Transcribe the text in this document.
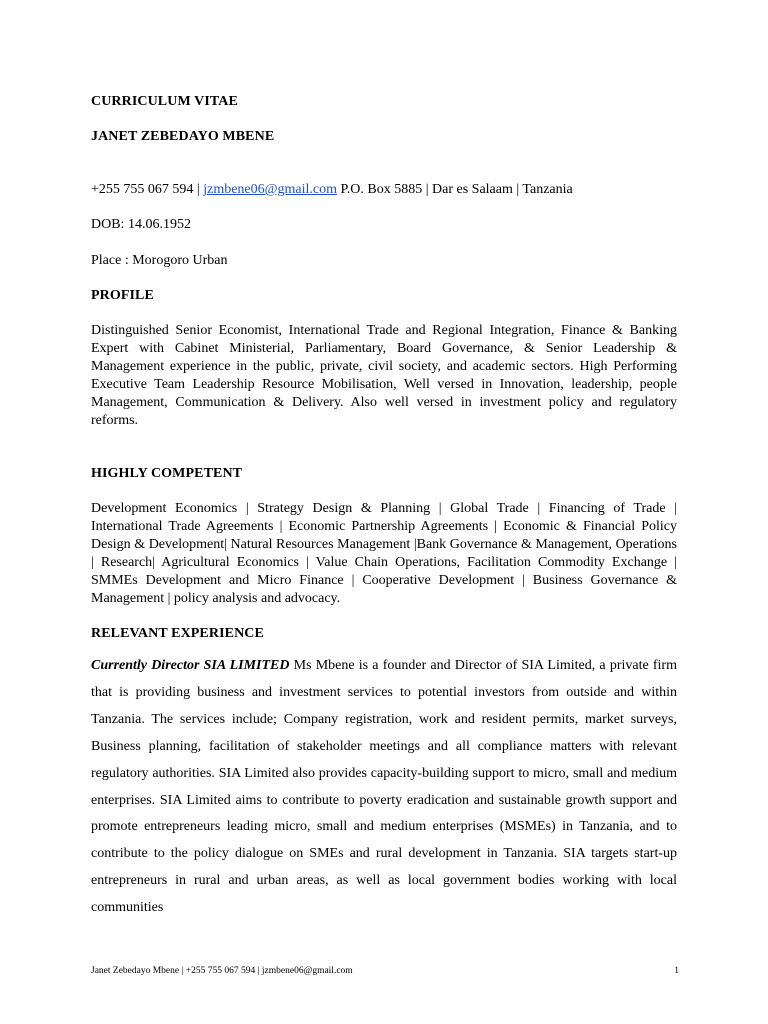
CURRICULUM VITAE

JANET ZEBEDAYO MBENE

+255 755 067 594 | jzmbene06@gmail.com P.O. Box 5885 | Dar es Salaam | Tanzania

DOB: 14.06.1952

Place : Morogoro Urban

PROFILE

Distinguished Senior Economist, International Trade and Regional Integration, Finance & Banking Expert with Cabinet Ministerial, Parliamentary, Board Governance, & Senior Leadership & Management experience in the public, private, civil society, and academic sectors. High Performing Executive Team Leadership Resource Mobilisation, Well versed in Innovation, leadership, people Management, Communication & Delivery. Also well versed in investment policy and regulatory reforms.

HIGHLY COMPETENT

Development Economics | Strategy Design & Planning | Global Trade | Financing of Trade | International Trade Agreements | Economic Partnership Agreements | Economic & Financial Policy Design & Development| Natural Resources Management |Bank Governance & Management, Operations | Research| Agricultural Economics | Value Chain Operations, Facilitation Commodity Exchange | SMMEs Development and Micro Finance | Cooperative Development | Business Governance & Management | policy analysis and advocacy.

RELEVANT EXPERIENCE

Currently Director SIA LIMITED Ms Mbene is a founder and Director of SIA Limited, a private firm that is providing business and investment services to potential investors from outside and within Tanzania. The services include; Company registration, work and resident permits, market surveys, Business planning, facilitation of stakeholder meetings and all compliance matters with relevant regulatory authorities. SIA Limited also provides capacity-building support to micro, small and medium enterprises. SIA Limited aims to contribute to poverty eradication and sustainable growth support and promote entrepreneurs leading micro, small and medium enterprises (MSMEs) in Tanzania, and to contribute to the policy dialogue on SMEs and rural development in Tanzania. SIA targets start-up entrepreneurs in rural and urban areas, as well as local government bodies working with local communities

Janet Zebedayo Mbene | +255 755 067 594 | jzmbene06@gmail.com	1
